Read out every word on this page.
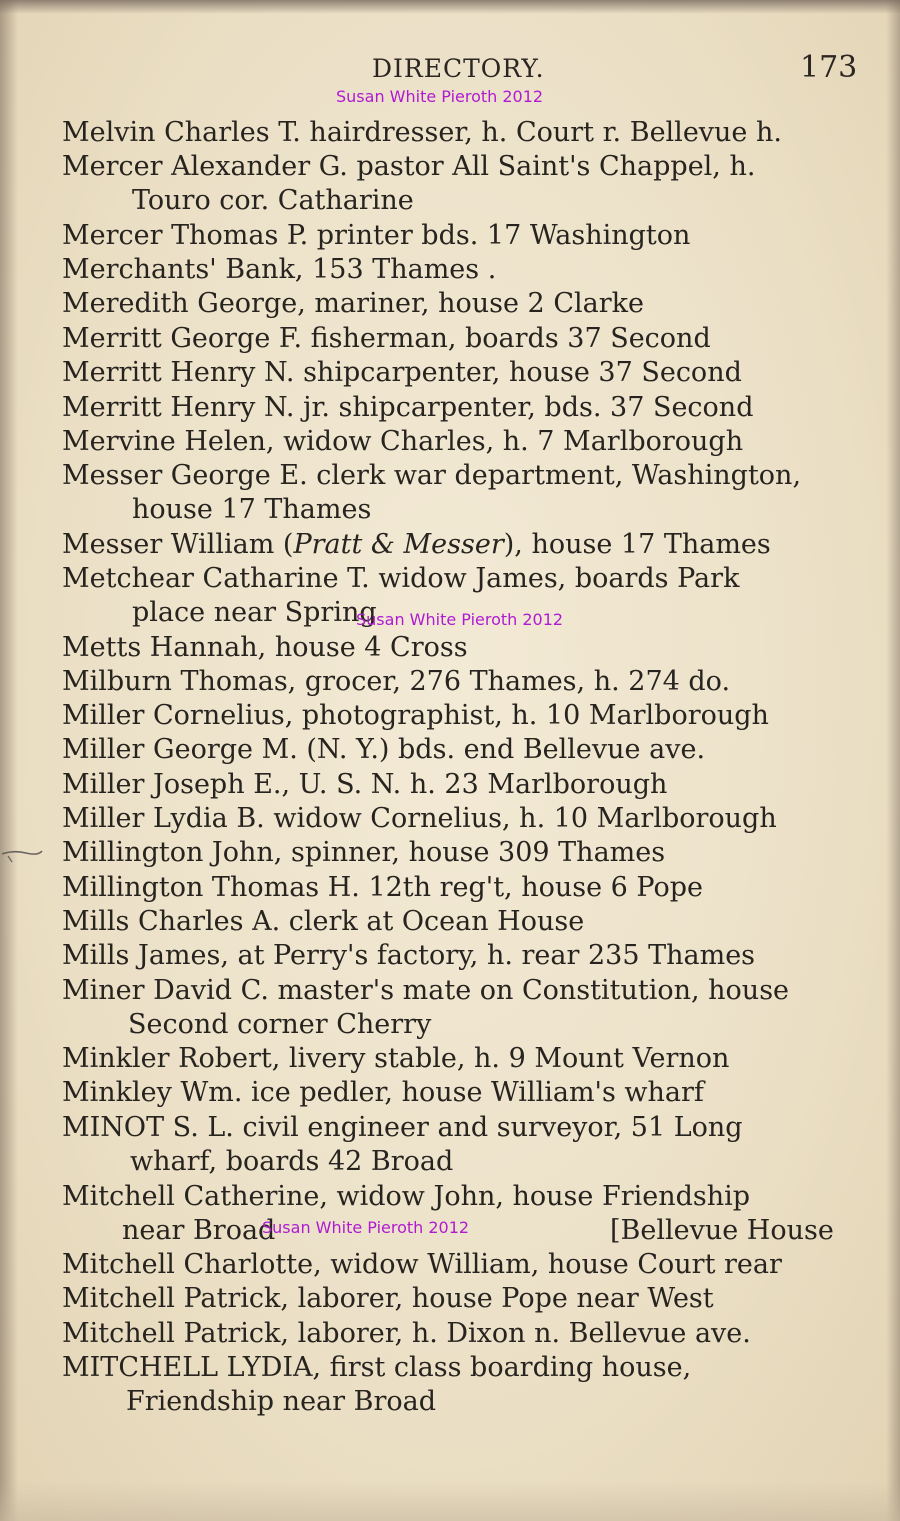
DIRECTORY.	173
Susan White Pieroth 2012
Melvin Charles T. hairdresser, h. Court r. Bellevue h.
Mercer Alexander G. pastor All Saint's Chappel, h.
Touro cor. Catharine
Mercer Thomas P. printer bds. 17 Washington
Merchants' Bank, 153 Thames .
Meredith George, mariner, house 2 Clarke
Merritt George F. fisherman, boards 37 Second
Merritt Henry N. shipcarpenter, house 37 Second
Merritt Henry N. jr. shipcarpenter, bds. 37 Second
Mervine Helen, widow Charles, h. 7 Marlborough
Messer George E. clerk war department, Washington,
house 17 Thames
Messer William (Pratt & Messer), house 17 Thames
Metchear Catharine T. widow James, boards Park
place near Spring
Metts Hannah, house 4 Cross
Milburn Thomas, grocer, 276 Thames, h. 274 do.
Miller Cornelius, photographist, h. 10 Marlborough
Miller George M. (N. Y.) bds. end Bellevue ave.
Miller Joseph E., U. S. N. h. 23 Marlborough
Miller Lydia B. widow Cornelius, h. 10 Marlborough
Millington John, spinner, house 309 Thames
Millington Thomas H. 12th reg't, house 6 Pope
Mills Charles A. clerk at Ocean House
Mills James, at Perry's factory, h. rear 235 Thames
Miner David C. master's mate on Constitution, house
Second corner Cherry
Minkler Robert, livery stable, h. 9 Mount Vernon
Minkley Wm. ice pedler, house William's wharf
MINOT S. L. civil engineer and surveyor, 51 Long
wharf, boards 42 Broad
Mitchell Catherine, widow John, house Friendship
near Broad	[Bellevue House
Mitchell Charlotte, widow William, house Court rear
Mitchell Patrick, laborer, house Pope near West
Mitchell Patrick, laborer, h. Dixon n. Bellevue ave.
MITCHELL LYDIA, first class boarding house,
Friendship near Broad
Susan White Pieroth 2012
Susan White Pieroth 2012
